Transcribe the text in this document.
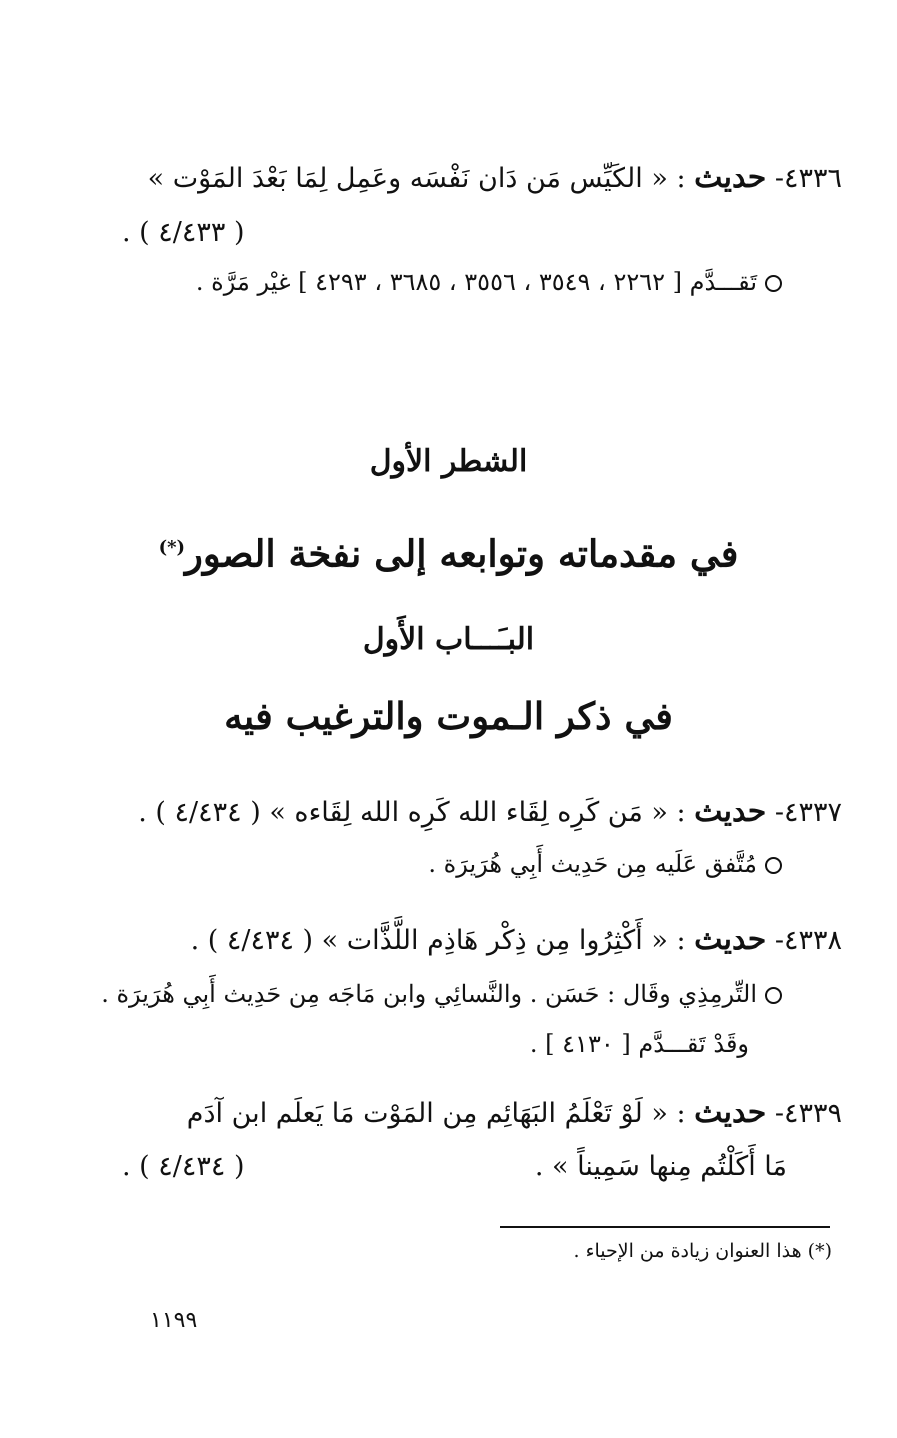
٤٣٣٦- حديث : « الكَيِّس مَن دَان نَفْسَه وعَمِل لِمَا بَعْدَ المَوْت »
. ( ٤/٤٣٣ )
تَقـــدَّم [ ٢٢٦٢ ، ٣٥٤٩ ، ٣٥٥٦ ، ٣٦٨٥ ، ٤٢٩٣ ] غيْر مَرَّة .
الشطر الأول
في مقدماته وتوابعه إلى نفخة الصور(*)
البـَـــاب الأَول
في ذكر الـموت والترغيب فيه
٤٣٣٧- حديث : « مَن كَرِه لِقَاء الله كَرِه الله لِقَاءه » ( ٤/٤٣٤ ) .
مُتَّفق عَلَيه مِن حَدِيث أَبِي هُرَيرَة .
٤٣٣٨- حديث : « أَكْثِرُوا مِن ذِكْر هَاذِم اللَّذَّات » ( ٤/٤٣٤ ) .
التِّرمِذِي وقَال : حَسَن . والنَّسائِي وابن مَاجَه مِن حَدِيث أَبِي هُرَيرَة .
وقَدْ تَقـــدَّم [ ٤١٣٠ ] .
٤٣٣٩- حديث : « لَوْ تَعْلَمُ البَهَائِم مِن المَوْت مَا يَعلَم ابن آدَم
مَا أَكَلْتُم مِنها سَمِيناً » .
. ( ٤/٤٣٤ )
(*) هذا العنوان زيادة من الإحياء .
١١٩٩
